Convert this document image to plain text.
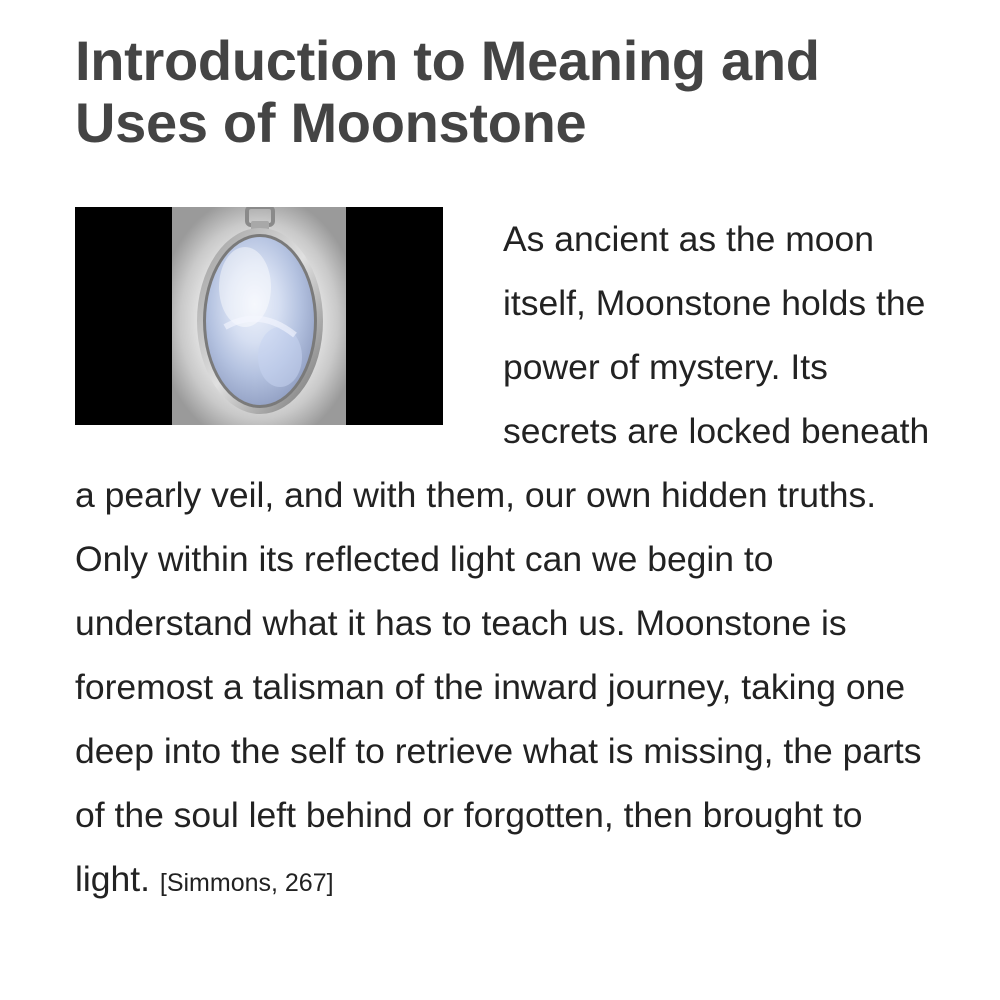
Introduction to Meaning and Uses of Moonstone

As ancient as the moon itself, Moonstone holds the power of mystery. Its secrets are locked beneath a pearly veil, and with them, our own hidden truths. Only within its reflected light can we begin to understand what it has to teach us. Moonstone is foremost a talisman of the inward journey, taking one deep into the self to retrieve what is missing, the parts of the soul left behind or forgotten, then brought to light. [Simmons, 267]
